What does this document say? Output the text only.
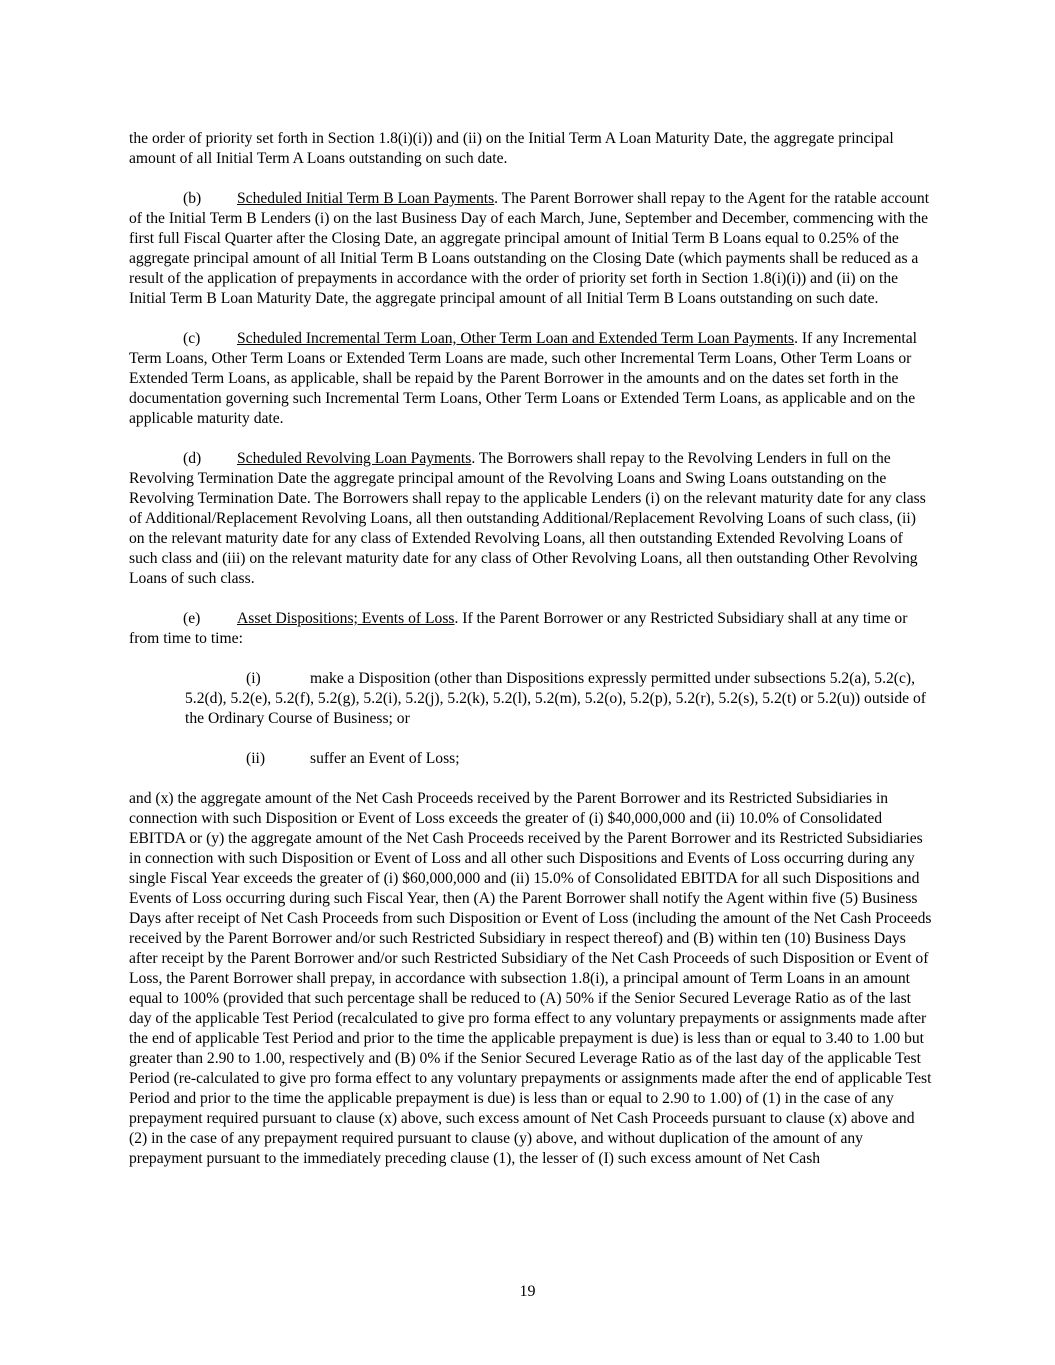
the order of priority set forth in Section 1.8(i)(i)) and (ii) on the Initial Term A Loan Maturity Date, the aggregate principal amount of all Initial Term A Loans outstanding on such date.

(b) Scheduled Initial Term B Loan Payments. The Parent Borrower shall repay to the Agent for the ratable account of the Initial Term B Lenders (i) on the last Business Day of each March, June, September and December, commencing with the first full Fiscal Quarter after the Closing Date, an aggregate principal amount of Initial Term B Loans equal to 0.25% of the aggregate principal amount of all Initial Term B Loans outstanding on the Closing Date (which payments shall be reduced as a result of the application of prepayments in accordance with the order of priority set forth in Section 1.8(i)(i)) and (ii) on the Initial Term B Loan Maturity Date, the aggregate principal amount of all Initial Term B Loans outstanding on such date.

(c) Scheduled Incremental Term Loan, Other Term Loan and Extended Term Loan Payments. If any Incremental Term Loans, Other Term Loans or Extended Term Loans are made, such other Incremental Term Loans, Other Term Loans or Extended Term Loans, as applicable, shall be repaid by the Parent Borrower in the amounts and on the dates set forth in the documentation governing such Incremental Term Loans, Other Term Loans or Extended Term Loans, as applicable and on the applicable maturity date.

(d) Scheduled Revolving Loan Payments. The Borrowers shall repay to the Revolving Lenders in full on the Revolving Termination Date the aggregate principal amount of the Revolving Loans and Swing Loans outstanding on the Revolving Termination Date. The Borrowers shall repay to the applicable Lenders (i) on the relevant maturity date for any class of Additional/Replacement Revolving Loans, all then outstanding Additional/Replacement Revolving Loans of such class, (ii) on the relevant maturity date for any class of Extended Revolving Loans, all then outstanding Extended Revolving Loans of such class and (iii) on the relevant maturity date for any class of Other Revolving Loans, all then outstanding Other Revolving Loans of such class.

(e) Asset Dispositions; Events of Loss. If the Parent Borrower or any Restricted Subsidiary shall at any time or from time to time:

(i)	make a Disposition (other than Dispositions expressly permitted under subsections 5.2(a), 5.2(c), 5.2(d), 5.2(e), 5.2(f), 5.2(g), 5.2(i), 5.2(j), 5.2(k), 5.2(l), 5.2(m), 5.2(o), 5.2(p), 5.2(r), 5.2(s), 5.2(t) or 5.2(u)) outside of the Ordinary Course of Business; or

(ii)	suffer an Event of Loss;

and (x) the aggregate amount of the Net Cash Proceeds received by the Parent Borrower and its Restricted Subsidiaries in connection with such Disposition or Event of Loss exceeds the greater of (i) $40,000,000 and (ii) 10.0% of Consolidated EBITDA or (y) the aggregate amount of the Net Cash Proceeds received by the Parent Borrower and its Restricted Subsidiaries in connection with such Disposition or Event of Loss and all other such Dispositions and Events of Loss occurring during any single Fiscal Year exceeds the greater of (i) $60,000,000 and (ii) 15.0% of Consolidated EBITDA for all such Dispositions and Events of Loss occurring during such Fiscal Year, then (A) the Parent Borrower shall notify the Agent within five (5) Business Days after receipt of Net Cash Proceeds from such Disposition or Event of Loss (including the amount of the Net Cash Proceeds received by the Parent Borrower and/or such Restricted Subsidiary in respect thereof) and (B) within ten (10) Business Days after receipt by the Parent Borrower and/or such Restricted Subsidiary of the Net Cash Proceeds of such Disposition or Event of Loss, the Parent Borrower shall prepay, in accordance with subsection 1.8(i), a principal amount of Term Loans in an amount equal to 100% (provided that such percentage shall be reduced to (A) 50% if the Senior Secured Leverage Ratio as of the last day of the applicable Test Period (recalculated to give pro forma effect to any voluntary prepayments or assignments made after the end of applicable Test Period and prior to the time the applicable prepayment is due) is less than or equal to 3.40 to 1.00 but greater than 2.90 to 1.00, respectively and (B) 0% if the Senior Secured Leverage Ratio as of the last day of the applicable Test Period (re-calculated to give pro forma effect to any voluntary prepayments or assignments made after the end of applicable Test Period and prior to the time the applicable prepayment is due) is less than or equal to 2.90 to 1.00) of (1) in the case of any prepayment required pursuant to clause (x) above, such excess amount of Net Cash Proceeds pursuant to clause (x) above and (2) in the case of any prepayment required pursuant to clause (y) above, and without duplication of the amount of any prepayment pursuant to the immediately preceding clause (1), the lesser of (I) such excess amount of Net Cash

19
